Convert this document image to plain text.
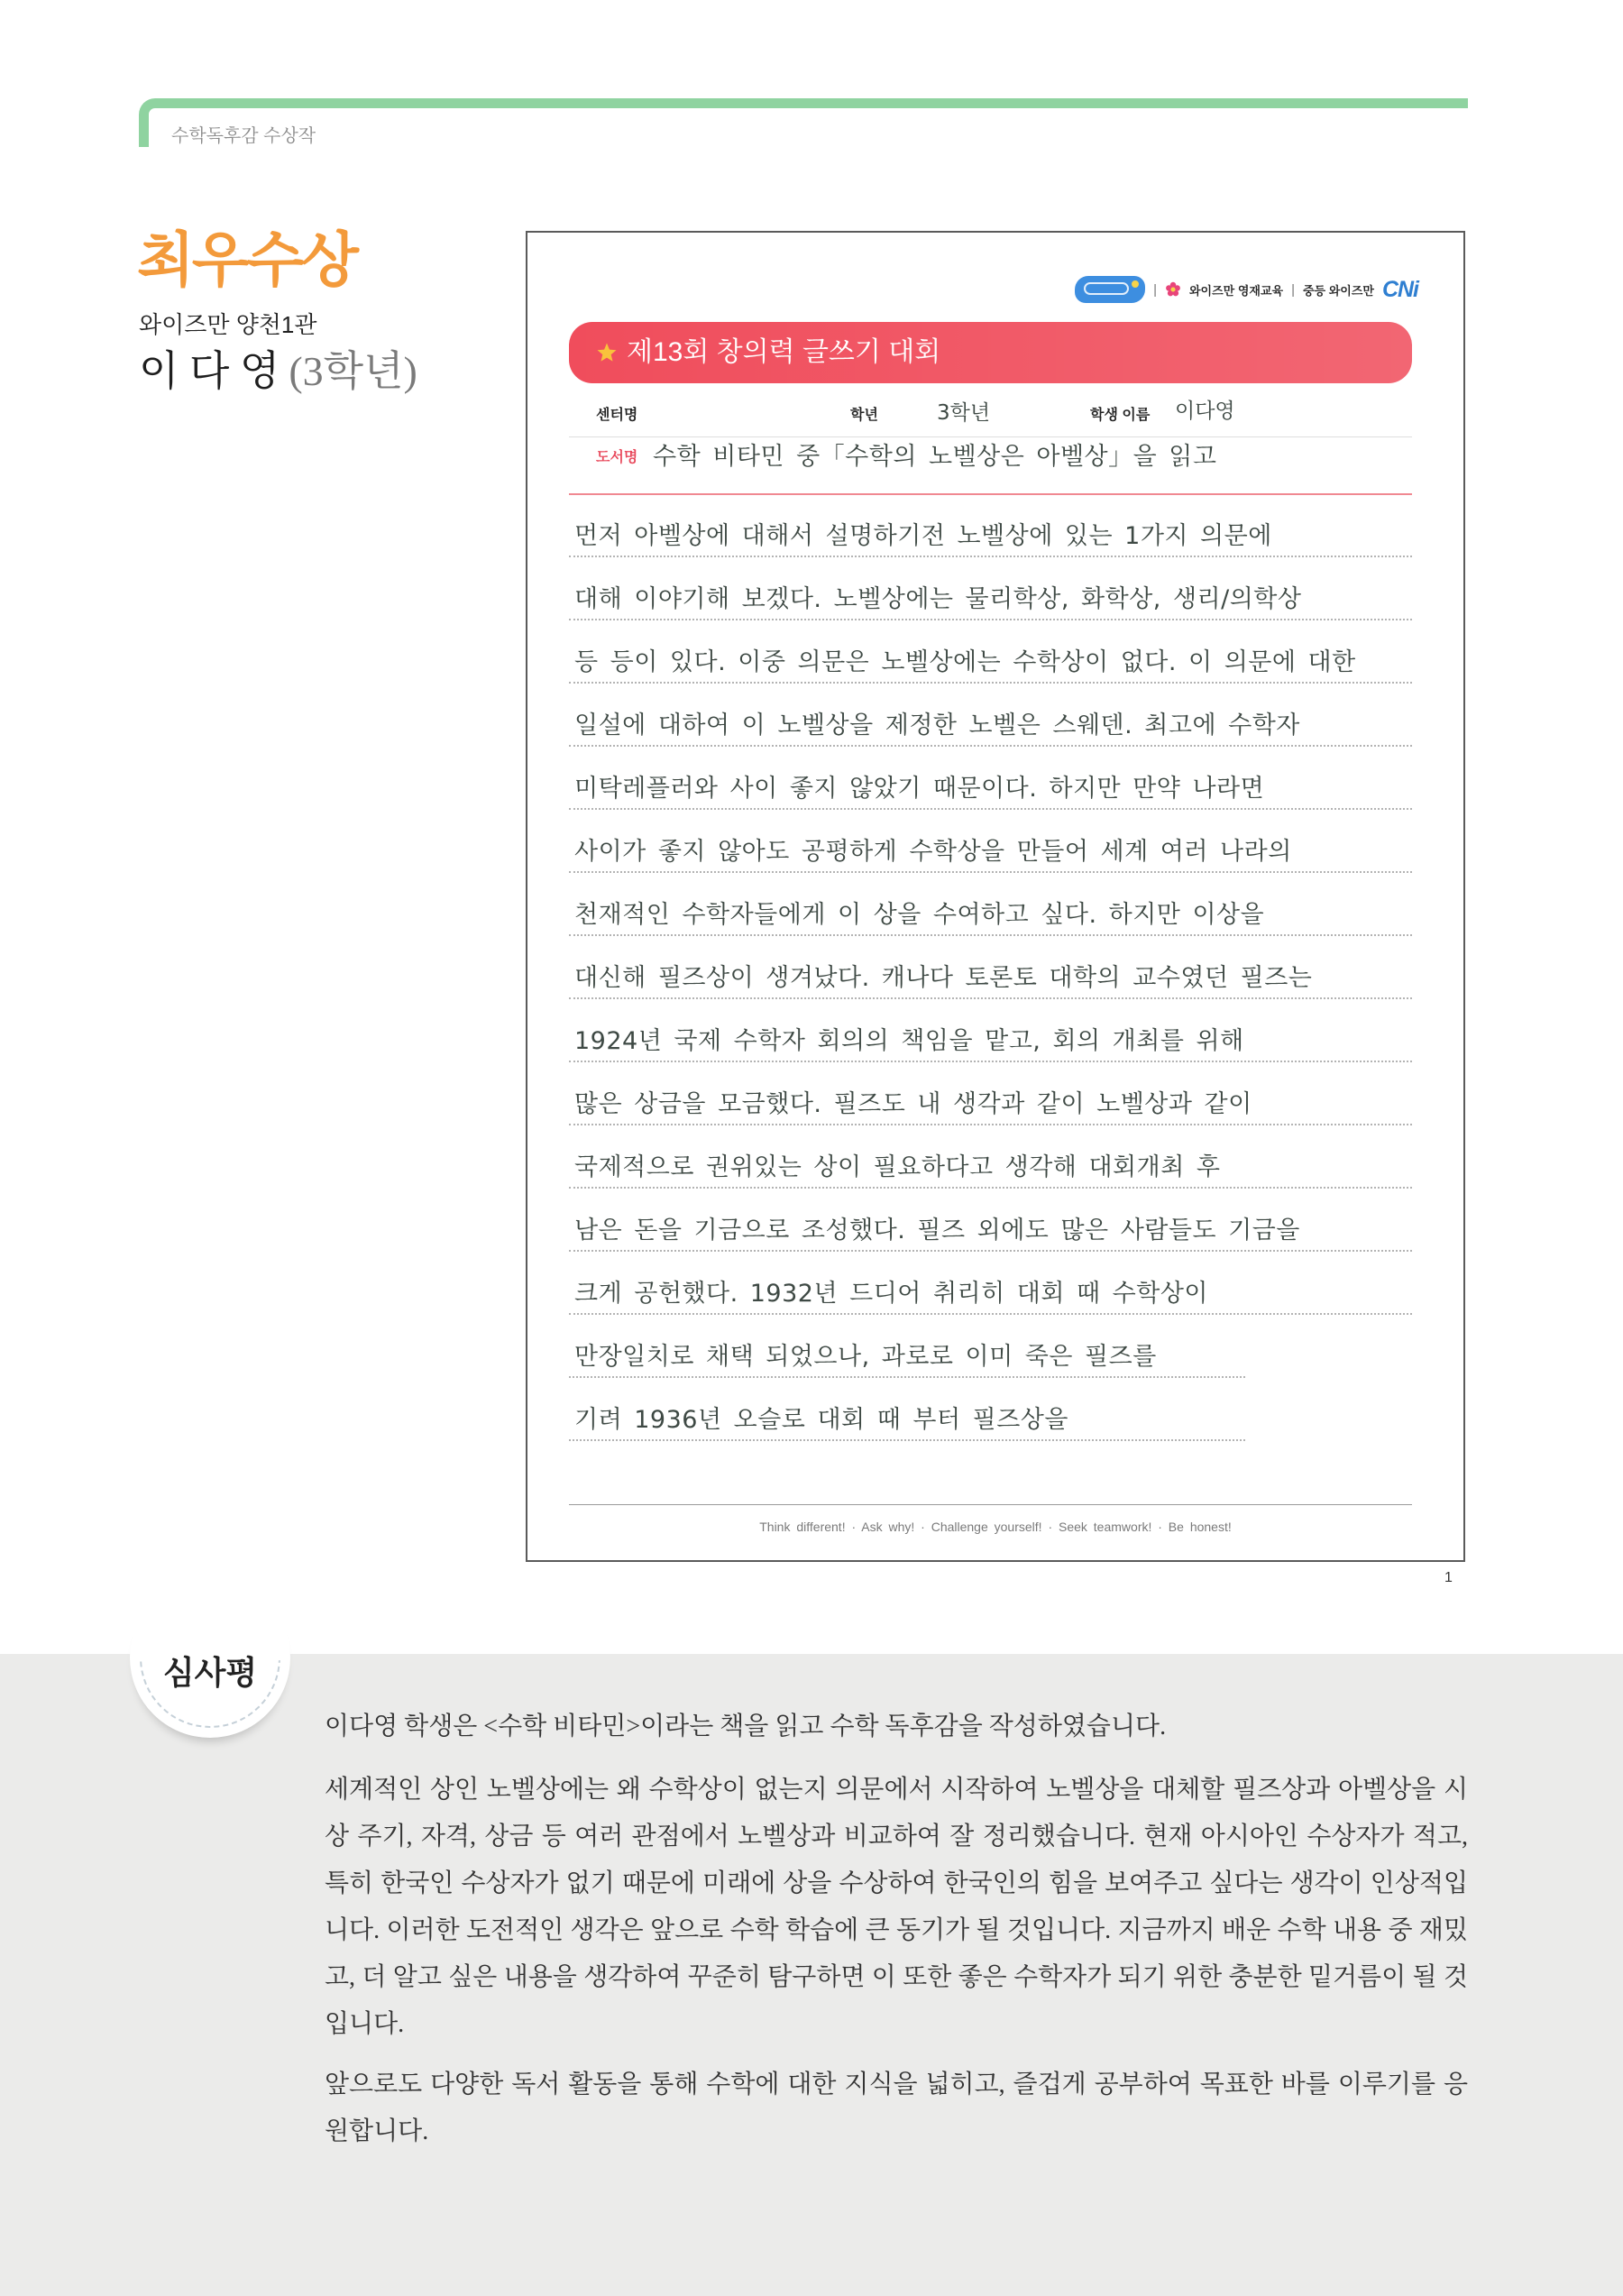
수학독후감 수상작
최우수상
와이즈만 양천1관
이 다 영 (3학년)
|	와이즈만 영재교육 | 중등 와이즈만 CNi
제13회 창의력 글쓰기 대회
센터명	학년	3학년	학생 이름 이다영
도서명 수학 비타민 중「수학의 노벨상은 아벨상」을 읽고
먼저 아벨상에 대해서 설명하기전 노벨상에 있는 1가지 의문에
대해 이야기해 보겠다. 노벨상에는 물리학상, 화학상, 생리/의학상
등 등이 있다. 이중 의문은 노벨상에는 수학상이 없다. 이 의문에 대한
일설에 대하여 이 노벨상을 제정한 노벨은 스웨덴. 최고에 수학자
미탁레플러와 사이 좋지 않았기 때문이다. 하지만 만약 나라면
사이가 좋지 않아도 공평하게 수학상을 만들어 세계 여러 나라의
천재적인 수학자들에게 이 상을 수여하고 싶다. 하지만 이상을
대신해 필즈상이 생겨났다. 캐나다 토론토 대학의 교수였던 필즈는
1924년 국제 수학자 회의의 책임을 맡고, 회의 개최를 위해
많은 상금을 모금했다. 필즈도 내 생각과 같이 노벨상과 같이
국제적으로 권위있는 상이 필요하다고 생각해 대회개최 후
남은 돈을 기금으로 조성했다. 필즈 외에도 많은 사람들도 기금을
크게 공헌했다. 1932년 드디어 취리히 대회 때 수학상이
만장일치로 채택 되었으나, 과로로 이미 죽은 필즈를
기려 1936년 오슬로 대회 때 부터 필즈상을
Think different! · Ask why! · Challenge yourself! · Seek teamwork! · Be honest!
1
심사평

이다영 학생은 <수학 비타민>이라는 책을 읽고 수학 독후감을 작성하였습니다.

세계적인 상인 노벨상에는 왜 수학상이 없는지 의문에서 시작하여 노벨상을 대체할 필즈상과 아벨상을 시상 주기, 자격, 상금 등 여러 관점에서 노벨상과 비교하여 잘 정리했습니다. 현재 아시아인 수상자가 적고, 특히 한국인 수상자가 없기 때문에 미래에 상을 수상하여 한국인의 힘을 보여주고 싶다는 생각이 인상적입니다. 이러한 도전적인 생각은 앞으로 수학 학습에 큰 동기가 될 것입니다. 지금까지 배운 수학 내용 중 재밌고, 더 알고 싶은 내용을 생각하여 꾸준히 탐구하면 이 또한 좋은 수학자가 되기 위한 충분한 밑거름이 될 것입니다.

앞으로도 다양한 독서 활동을 통해 수학에 대한 지식을 넓히고, 즐겁게 공부하여 목표한 바를 이루기를 응원합니다.
